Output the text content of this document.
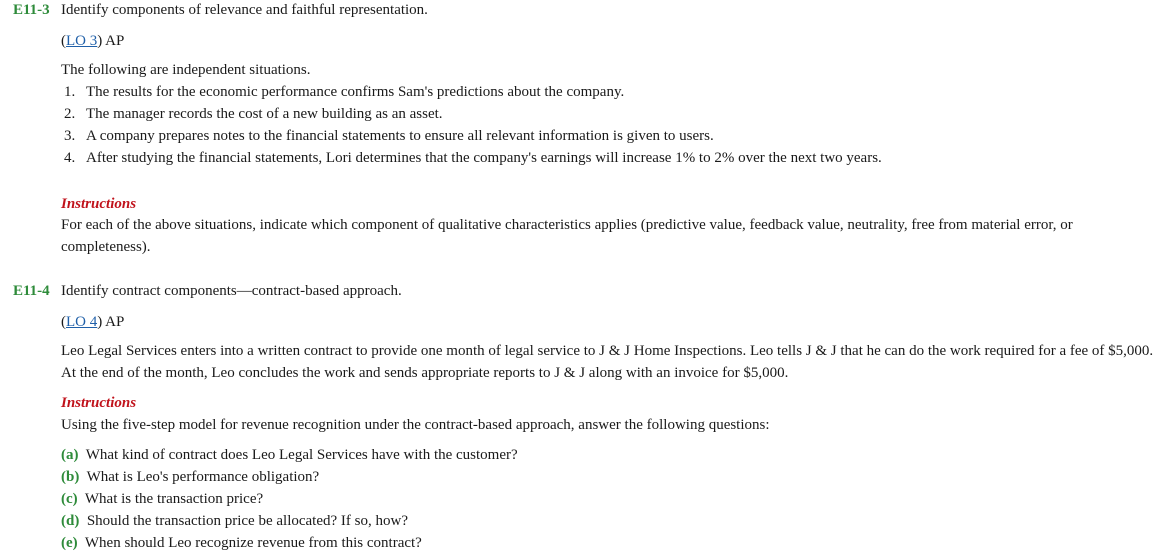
E11-3 Identify components of relevance and faithful representation.
(LO 3) AP
The following are independent situations.
1. The results for the economic performance confirms Sam's predictions about the company.
2. The manager records the cost of a new building as an asset.
3. A company prepares notes to the financial statements to ensure all relevant information is given to users.
4. After studying the financial statements, Lori determines that the company's earnings will increase 1% to 2% over the next two years.
Instructions
For each of the above situations, indicate which component of qualitative characteristics applies (predictive value, feedback value, neutrality, free from material error, or completeness).
E11-4 Identify contract components—contract-based approach.
(LO 4) AP
Leo Legal Services enters into a written contract to provide one month of legal service to J & J Home Inspections. Leo tells J & J that he can do the work required for a fee of $5,000. At the end of the month, Leo concludes the work and sends appropriate reports to J & J along with an invoice for $5,000.
Instructions
Using the five-step model for revenue recognition under the contract-based approach, answer the following questions:
(a) What kind of contract does Leo Legal Services have with the customer?
(b) What is Leo's performance obligation?
(c) What is the transaction price?
(d) Should the transaction price be allocated? If so, how?
(e) When should Leo recognize revenue from this contract?
